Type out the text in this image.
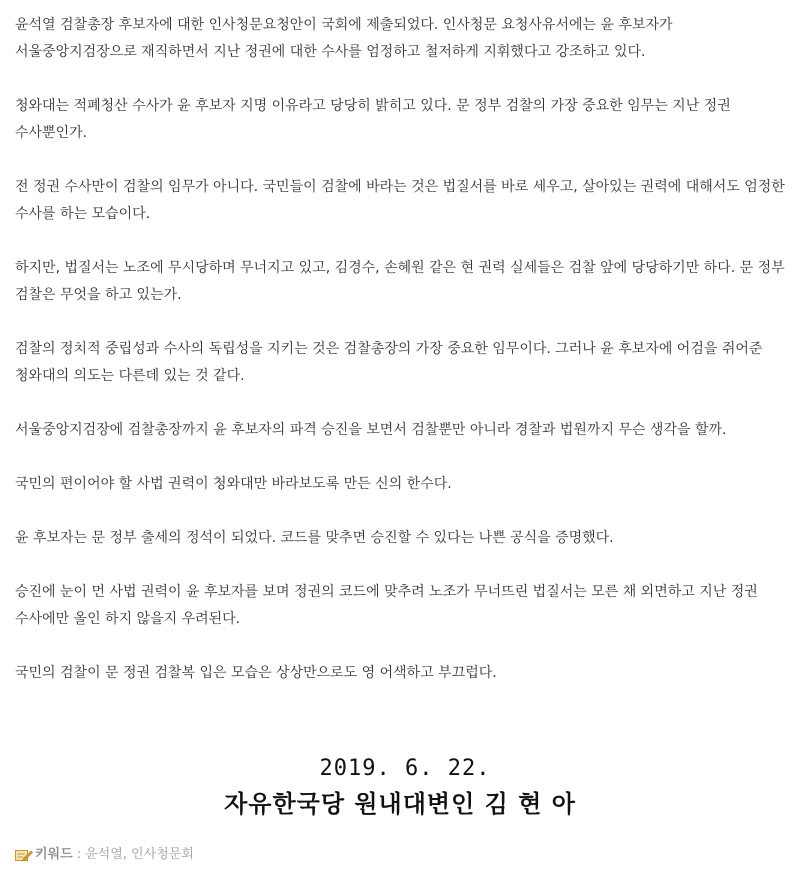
윤석열 검찰총장 후보자에 대한 인사청문요청안이 국회에 제출되었다. 인사청문 요청사유서에는 윤 후보자가 서울중앙지검장으로 재직하면서 지난 정권에 대한 수사를 엄정하고 철저하게 지휘했다고 강조하고 있다.

청와대는 적폐청산 수사가 윤 후보자 지명 이유라고 당당히 밝히고 있다. 문 정부 검찰의 가장 중요한 임무는 지난 정권 수사뿐인가.

전 정권 수사만이 검찰의 임무가 아니다. 국민들이 검찰에 바라는 것은 법질서를 바로 세우고, 살아있는 권력에 대해서도 엄정한 수사를 하는 모습이다.

하지만, 법질서는 노조에 무시당하며 무너지고 있고, 김경수, 손혜원 같은 현 권력 실세들은 검찰 앞에 당당하기만 하다. 문 정부 검찰은 무엇을 하고 있는가.

검찰의 정치적 중립성과 수사의 독립성을 지키는 것은 검찰총장의 가장 중요한 임무이다. 그러나 윤 후보자에 어검을 쥐어준 청와대의 의도는 다른데 있는 것 같다.

서울중앙지검장에 검찰총장까지 윤 후보자의 파격 승진을 보면서 검찰뿐만 아니라 경찰과 법원까지 무슨 생각을 할까.

국민의 편이어야 할 사법 권력이 청와대만 바라보도록 만든 신의 한수다.

윤 후보자는 문 정부 출세의 정석이 되었다. 코드를 맞추면 승진할 수 있다는 나쁜 공식을 증명했다.

승진에 눈이 먼 사법 권력이 윤 후보자를 보며 정권의 코드에 맞추려 노조가 무너뜨린 법질서는 모른 채 외면하고 지난 정권 수사에만 올인 하지 않을지 우려된다.

국민의 검찰이 문 정권 검찰복 입은 모습은 상상만으로도 영 어색하고 부끄럽다.

2019. 6. 22.
자유한국당 원내대변인 김 현 아
키워드 : 윤석열, 인사청문회
